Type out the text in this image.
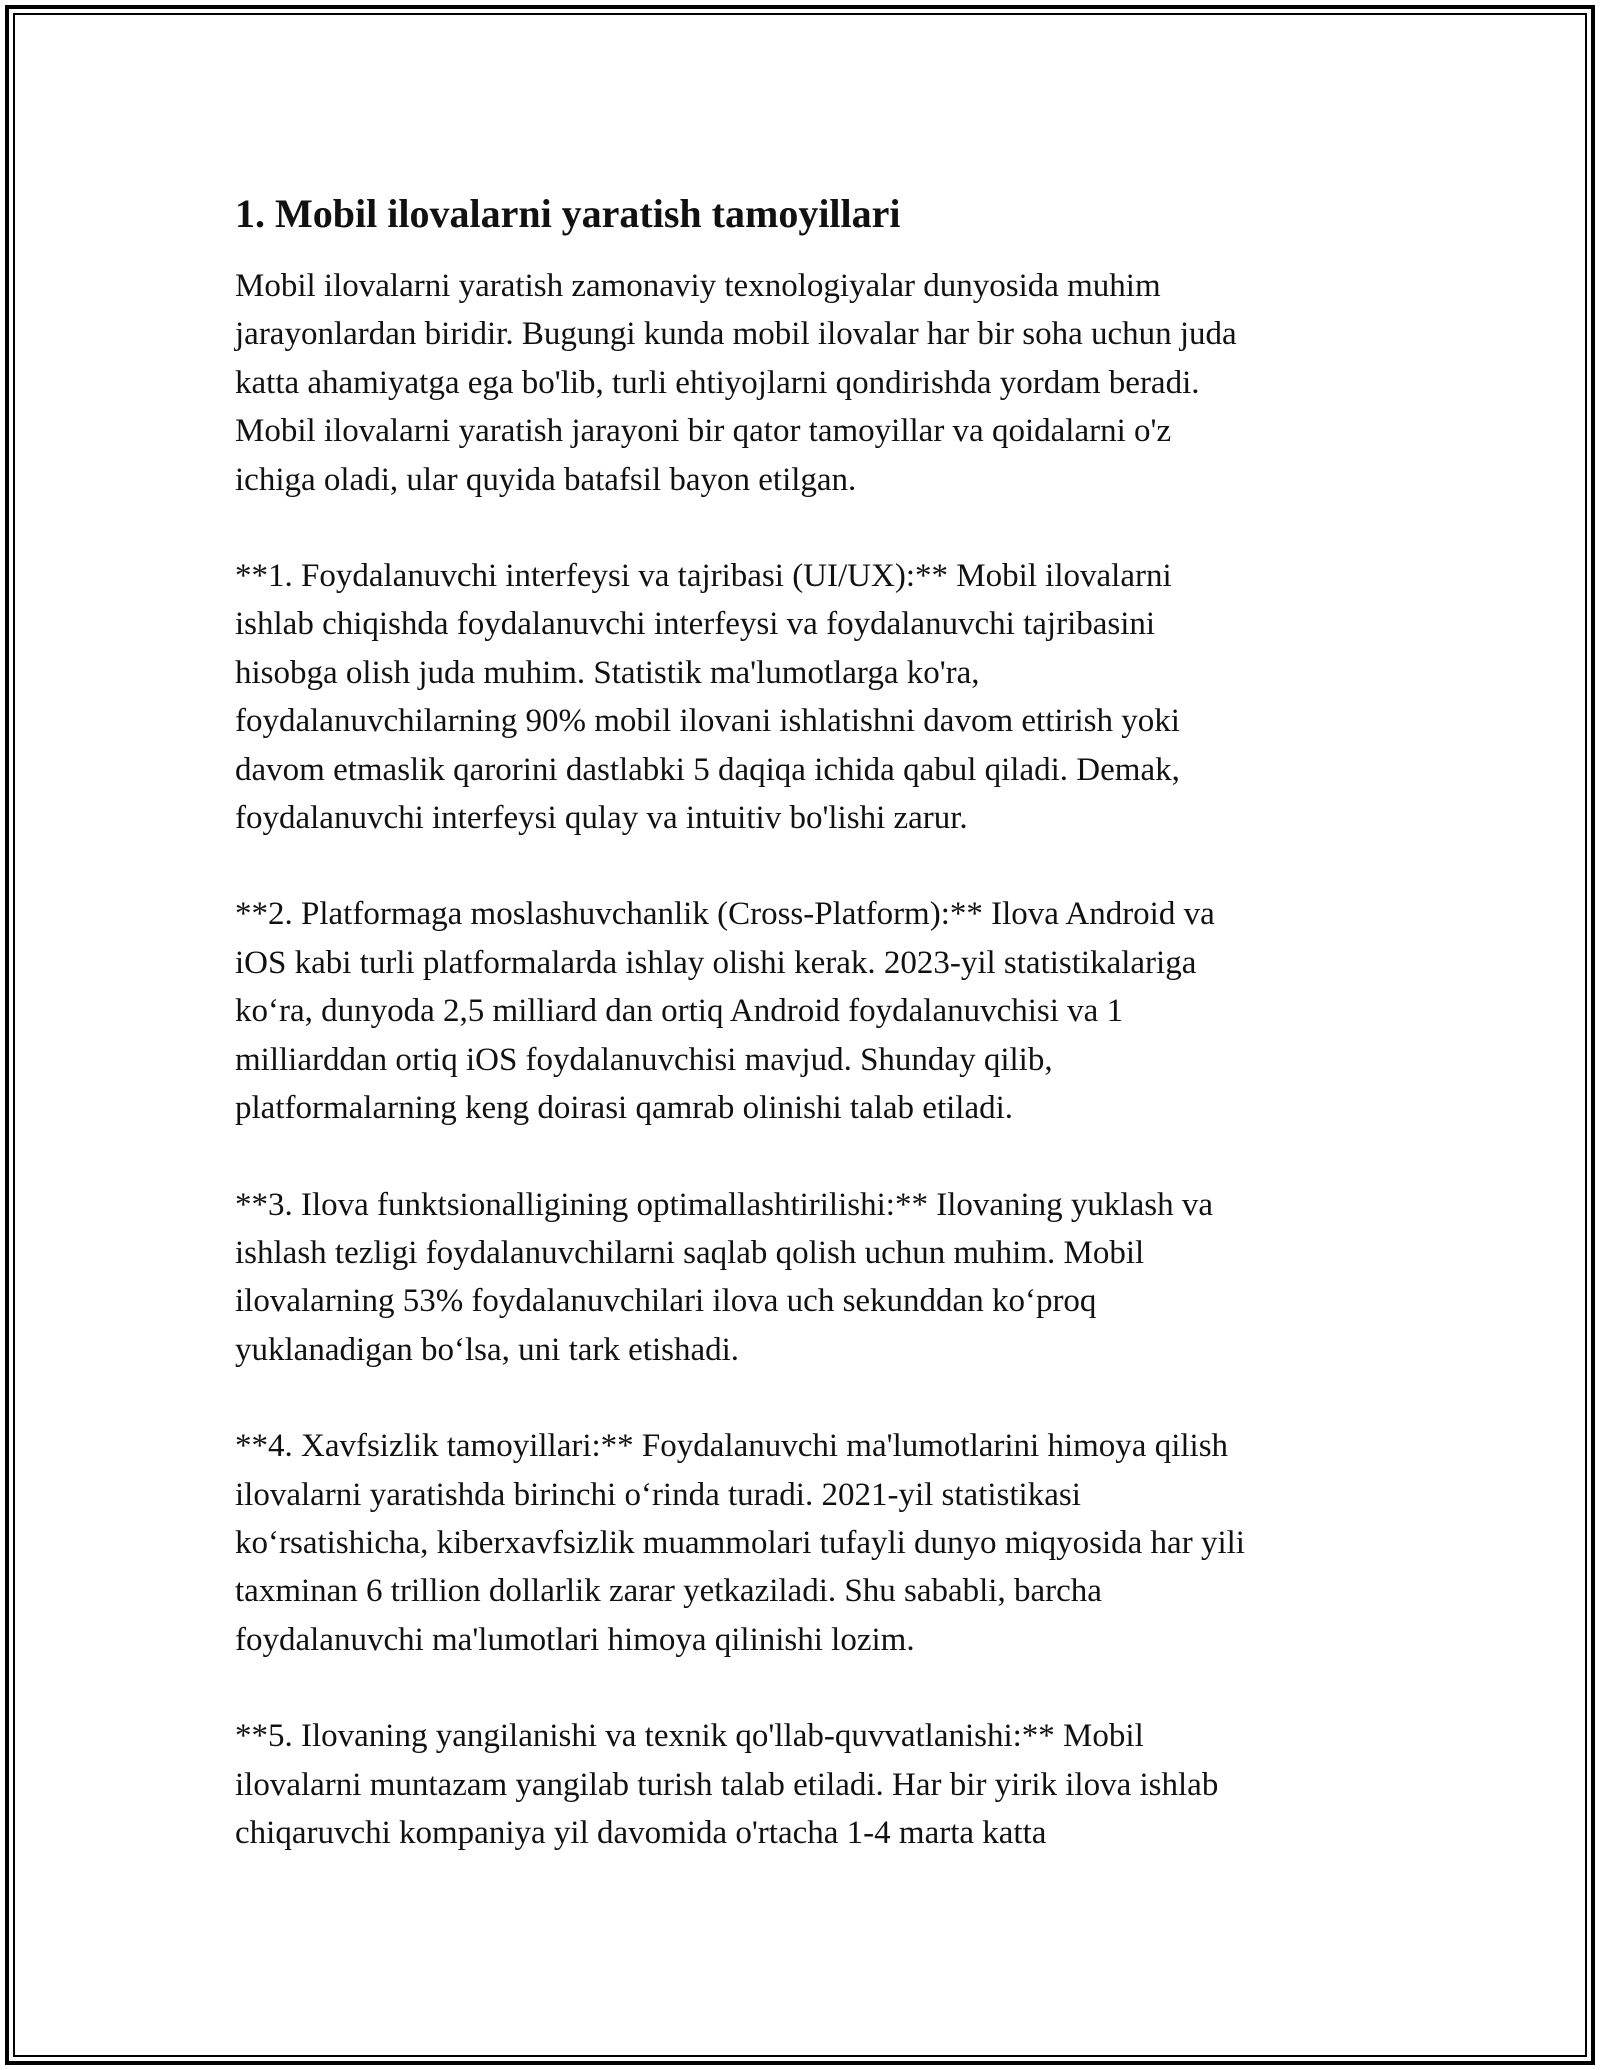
1. Mobil ilovalarni yaratish tamoyillari

Mobil ilovalarni yaratish zamonaviy texnologiyalar dunyosida muhim
jarayonlardan biridir. Bugungi kunda mobil ilovalar har bir soha uchun juda
katta ahamiyatga ega bo'lib, turli ehtiyojlarni qondirishda yordam beradi.
Mobil ilovalarni yaratish jarayoni bir qator tamoyillar va qoidalarni o'z
ichiga oladi, ular quyida batafsil bayon etilgan.

**1. Foydalanuvchi interfeysi va tajribasi (UI/UX):** Mobil ilovalarni
ishlab chiqishda foydalanuvchi interfeysi va foydalanuvchi tajribasini
hisobga olish juda muhim. Statistik ma'lumotlarga ko'ra,
foydalanuvchilarning 90% mobil ilovani ishlatishni davom ettirish yoki
davom etmaslik qarorini dastlabki 5 daqiqa ichida qabul qiladi. Demak,
foydalanuvchi interfeysi qulay va intuitiv bo'lishi zarur.

**2. Platformaga moslashuvchanlik (Cross-Platform):** Ilova Android va
iOS kabi turli platformalarda ishlay olishi kerak. 2023-yil statistikalariga
ko‘ra, dunyoda 2,5 milliard dan ortiq Android foydalanuvchisi va 1
milliarddan ortiq iOS foydalanuvchisi mavjud. Shunday qilib,
platformalarning keng doirasi qamrab olinishi talab etiladi.

**3. Ilova funktsionalligining optimallashtirilishi:** Ilovaning yuklash va
ishlash tezligi foydalanuvchilarni saqlab qolish uchun muhim. Mobil
ilovalarning 53% foydalanuvchilari ilova uch sekunddan ko‘proq
yuklanadigan bo‘lsa, uni tark etishadi.

**4. Xavfsizlik tamoyillari:** Foydalanuvchi ma'lumotlarini himoya qilish
ilovalarni yaratishda birinchi o‘rinda turadi. 2021-yil statistikasi
ko‘rsatishicha, kiberxavfsizlik muammolari tufayli dunyo miqyosida har yili
taxminan 6 trillion dollarlik zarar yetkaziladi. Shu sababli, barcha
foydalanuvchi ma'lumotlari himoya qilinishi lozim.

**5. Ilovaning yangilanishi va texnik qo'llab-quvvatlanishi:** Mobil
ilovalarni muntazam yangilab turish talab etiladi. Har bir yirik ilova ishlab
chiqaruvchi kompaniya yil davomida o'rtacha 1-4 marta katta
